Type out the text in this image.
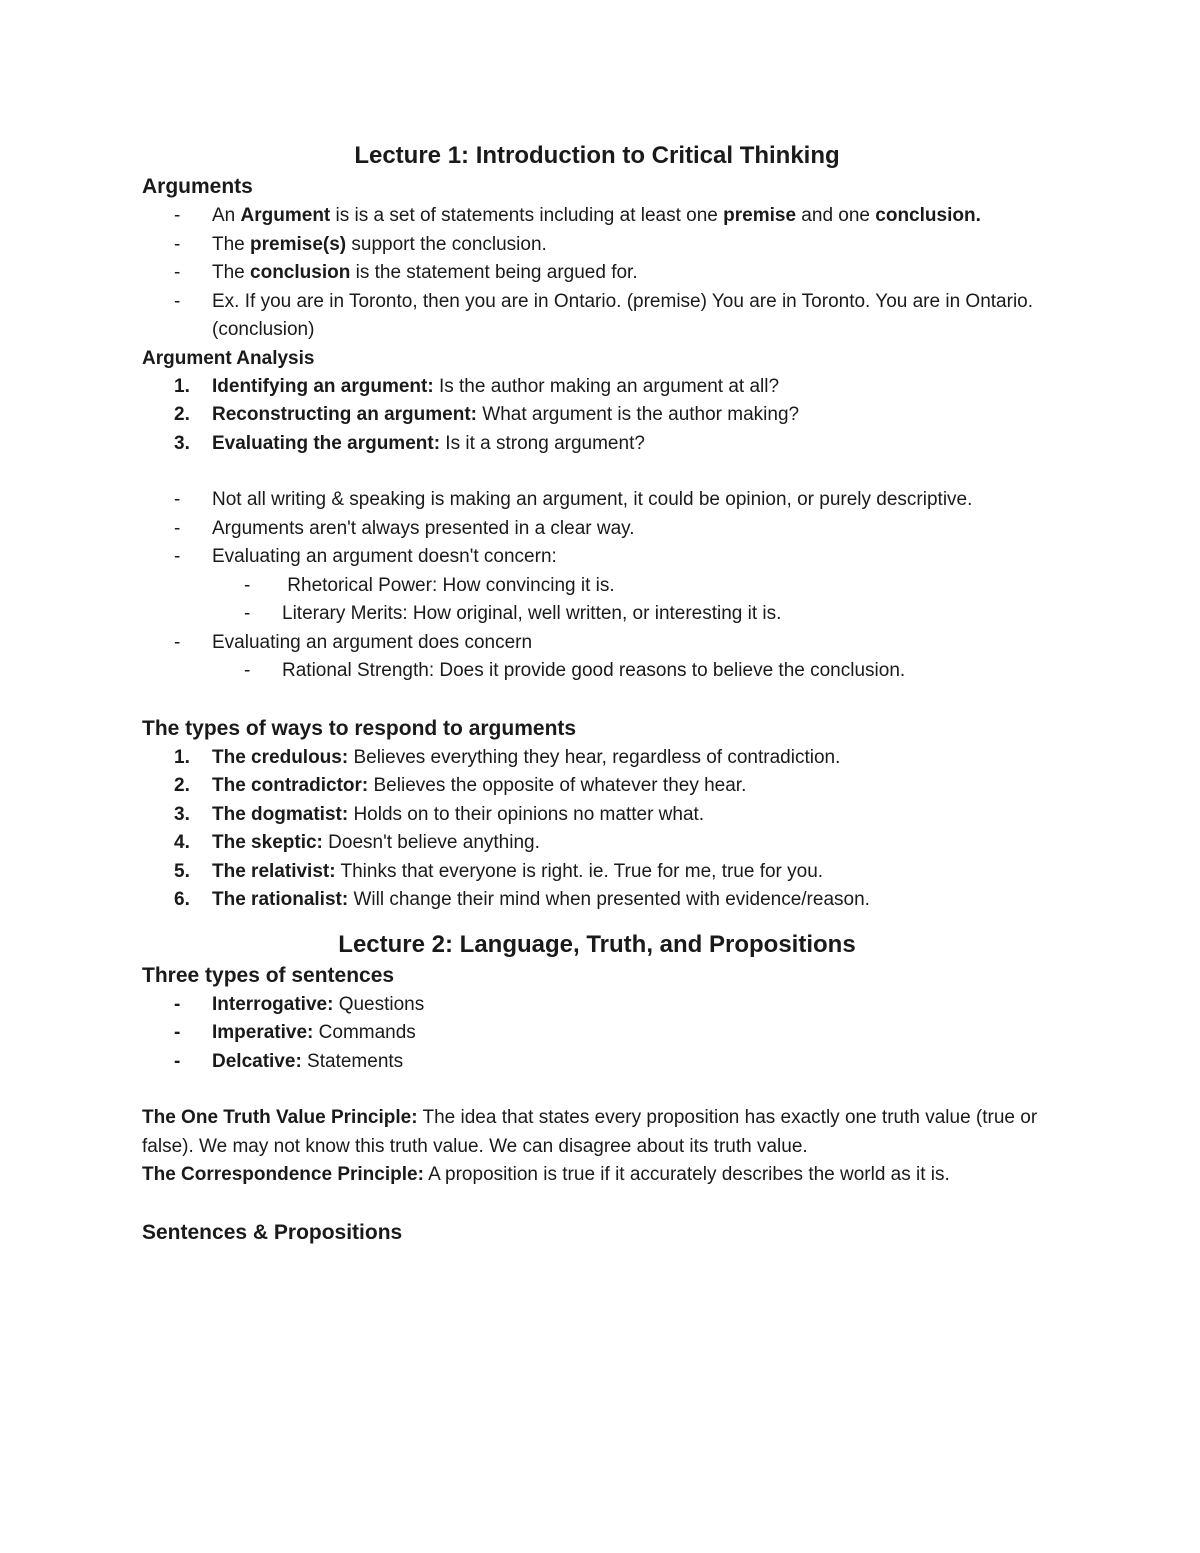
Lecture 1: Introduction to Critical Thinking
Arguments
- An Argument is is a set of statements including at least one premise and one conclusion.
- The premise(s) support the conclusion.
- The conclusion is the statement being argued for.
- Ex. If you are in Toronto, then you are in Ontario. (premise) You are in Toronto. You are in Ontario. (conclusion)
Argument Analysis
1. Identifying an argument: Is the author making an argument at all?
2. Reconstructing an argument: What argument is the author making?
3. Evaluating the argument: Is it a strong argument?
- Not all writing & speaking is making an argument, it could be opinion, or purely descriptive.
- Arguments aren't always presented in a clear way.
- Evaluating an argument doesn't concern:
- Rhetorical Power: How convincing it is.
- Literary Merits: How original, well written, or interesting it is.
- Evaluating an argument does concern
- Rational Strength: Does it provide good reasons to believe the conclusion.
The types of ways to respond to arguments
1. The credulous: Believes everything they hear, regardless of contradiction.
2. The contradictor: Believes the opposite of whatever they hear.
3. The dogmatist: Holds on to their opinions no matter what.
4. The skeptic: Doesn't believe anything.
5. The relativist: Thinks that everyone is right. ie. True for me, true for you.
6. The rationalist: Will change their mind when presented with evidence/reason.
Lecture 2: Language, Truth, and Propositions
Three types of sentences
- Interrogative: Questions
- Imperative: Commands
- Delcative: Statements

The One Truth Value Principle: The idea that states every proposition has exactly one truth value (true or false). We may not know this truth value. We can disagree about its truth value.

The Correspondence Principle: A proposition is true if it accurately describes the world as it is.

Sentences & Propositions
